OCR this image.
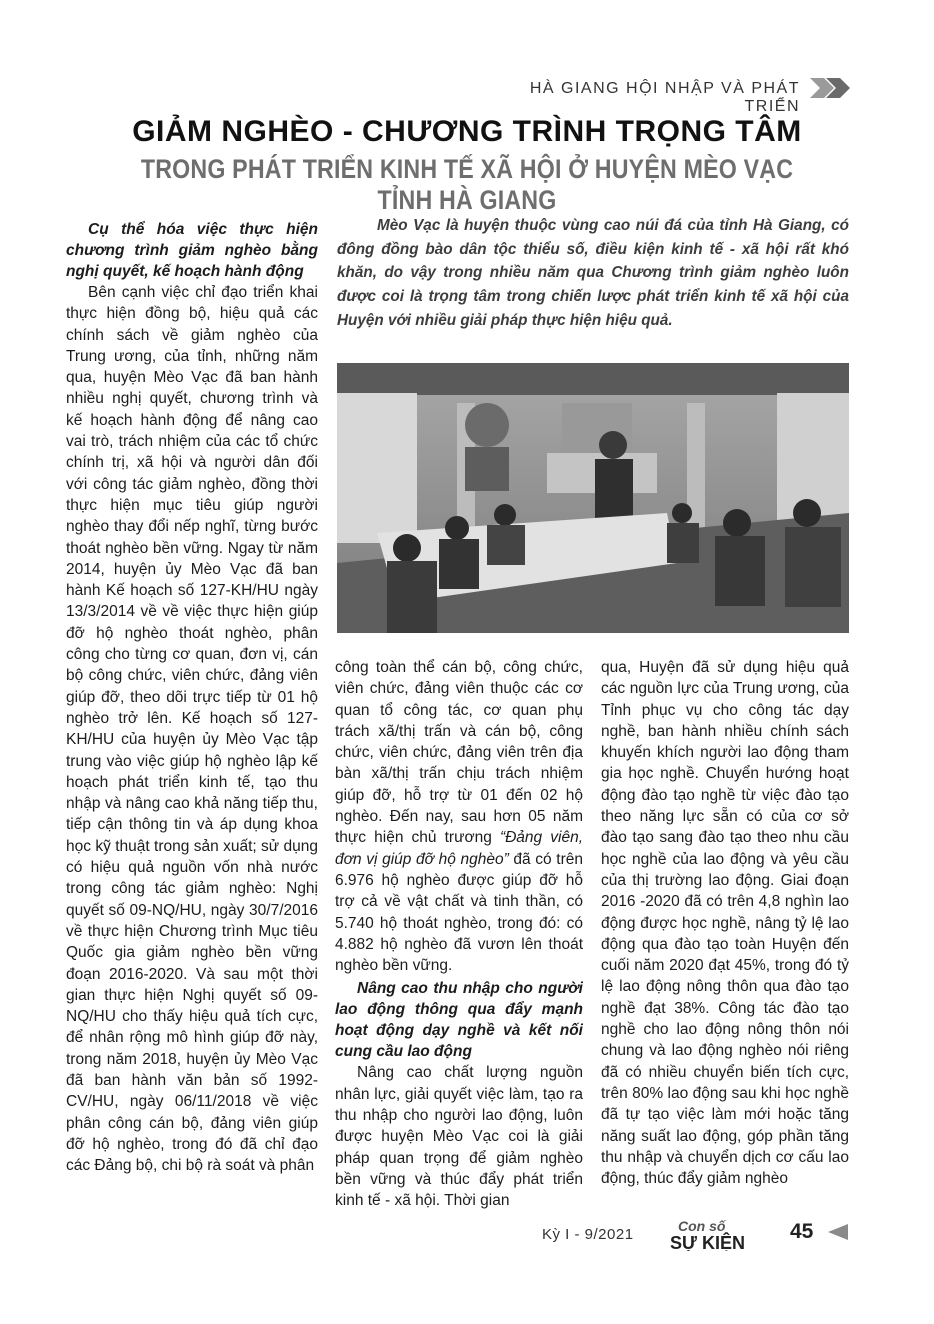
HÀ GIANG HỘI NHẬP VÀ PHÁT TRIỂN
GIẢM NGHÈO - CHƯƠNG TRÌNH TRỌNG TÂM
TRONG PHÁT TRIỂN KINH TẾ XÃ HỘI Ở HUYỆN MÈO VẠC TỈNH HÀ GIANG
Cụ thể hóa việc thực hiện chương trình giảm nghèo bằng nghị quyết, kế hoạch hành động

Bên cạnh việc chỉ đạo triển khai thực hiện đồng bộ, hiệu quả các chính sách về giảm nghèo của Trung ương, của tỉnh, những năm qua, huyện Mèo Vạc đã ban hành nhiều nghị quyết, chương trình và kế hoạch hành động để nâng cao vai trò, trách nhiệm của các tổ chức chính trị, xã hội và người dân đối với công tác giảm nghèo, đồng thời thực hiện mục tiêu giúp người nghèo thay đổi nếp nghĩ, từng bước thoát nghèo bền vững. Ngay từ năm 2014, huyện ủy Mèo Vạc đã ban hành Kế hoạch số 127-KH/HU ngày 13/3/2014 về về việc thực hiện giúp đỡ hộ nghèo thoát nghèo, phân công cho từng cơ quan, đơn vị, cán bộ công chức, viên chức, đảng viên giúp đỡ, theo dõi trực tiếp từ 01 hộ nghèo trở lên. Kế hoạch số 127-KH/HU của huyện ủy Mèo Vạc tập trung vào việc giúp hộ nghèo lập kế hoạch phát triển kinh tế, tạo thu nhập và nâng cao khả năng tiếp thu, tiếp cận thông tin và áp dụng khoa học kỹ thuật trong sản xuất; sử dụng có hiệu quả nguồn vốn nhà nước trong công tác giảm nghèo: Nghị quyết số 09-NQ/HU, ngày 30/7/2016 về thực hiện Chương trình Mục tiêu Quốc gia giảm nghèo bền vững đoạn 2016-2020. Và sau một thời gian thực hiện Nghị quyết số 09-NQ/HU cho thấy hiệu quả tích cực, để nhân rộng mô hình giúp đỡ này, trong năm 2018, huyện ủy Mèo Vạc đã ban hành văn bản số 1992-CV/HU, ngày 06/11/2018 về việc phân công cán bộ, đảng viên giúp đỡ hộ nghèo, trong đó đã chỉ đạo các Đảng bộ, chi bộ rà soát và phân

Mèo Vạc là huyện thuộc vùng cao núi đá của tỉnh Hà Giang, có đông đồng bào dân tộc thiểu số, điều kiện kinh tế - xã hội rất khó khăn, do vậy trong nhiều năm qua Chương trình giảm nghèo luôn được coi là trọng tâm trong chiến lược phát triển kinh tế xã hội của Huyện với nhiều giải pháp thực hiện hiệu quả.

công toàn thể cán bộ, công chức, viên chức, đảng viên thuộc các cơ quan tổ công tác, cơ quan phụ trách xã/thị trấn và cán bộ, công chức, viên chức, đảng viên trên địa bàn xã/thị trấn chịu trách nhiệm giúp đỡ, hỗ trợ từ 01 đến 02 hộ nghèo. Đến nay, sau hơn 05 năm thực hiện chủ trương “Đảng viên, đơn vị giúp đỡ hộ nghèo” đã có trên 6.976 hộ nghèo được giúp đỡ hỗ trợ cả về vật chất và tinh thần, có 5.740 hộ thoát nghèo, trong đó: có 4.882 hộ nghèo đã vươn lên thoát nghèo bền vững.

Nâng cao thu nhập cho người lao động thông qua đẩy mạnh hoạt động dạy nghề và kết nối cung cầu lao động

Nâng cao chất lượng nguồn nhân lực, giải quyết việc làm, tạo ra thu nhập cho người lao động, luôn được huyện Mèo Vạc coi là giải pháp quan trọng để giảm nghèo bền vững và thúc đẩy phát triển kinh tế - xã hội. Thời gian

qua, Huyện đã sử dụng hiệu quả các nguồn lực của Trung ương, của Tỉnh phục vụ cho công tác dạy nghề, ban hành nhiều chính sách khuyến khích người lao động tham gia học nghề. Chuyển hướng hoạt động đào tạo nghề từ việc đào tạo theo năng lực sẵn có của cơ sở đào tạo sang đào tạo theo nhu cầu học nghề của lao động và yêu cầu của thị trường lao động. Giai đoạn 2016 -2020 đã có trên 4,8 nghìn lao động được học nghề, nâng tỷ lệ lao động qua đào tạo toàn Huyện đến cuối năm 2020 đạt 45%, trong đó tỷ lệ lao động nông thôn qua đào tạo nghề đạt 38%. Công tác đào tạo nghề cho lao động nông thôn nói chung và lao động nghèo nói riêng đã có nhiều chuyển biến tích cực, trên 80% lao động sau khi học nghề đã tự tạo việc làm mới hoặc tăng năng suất lao động, góp phần tăng thu nhập và chuyển dịch cơ cấu lao động, thúc đẩy giảm nghèo

Kỳ I - 9/2021	Con số
SỰ KIỆN 45
